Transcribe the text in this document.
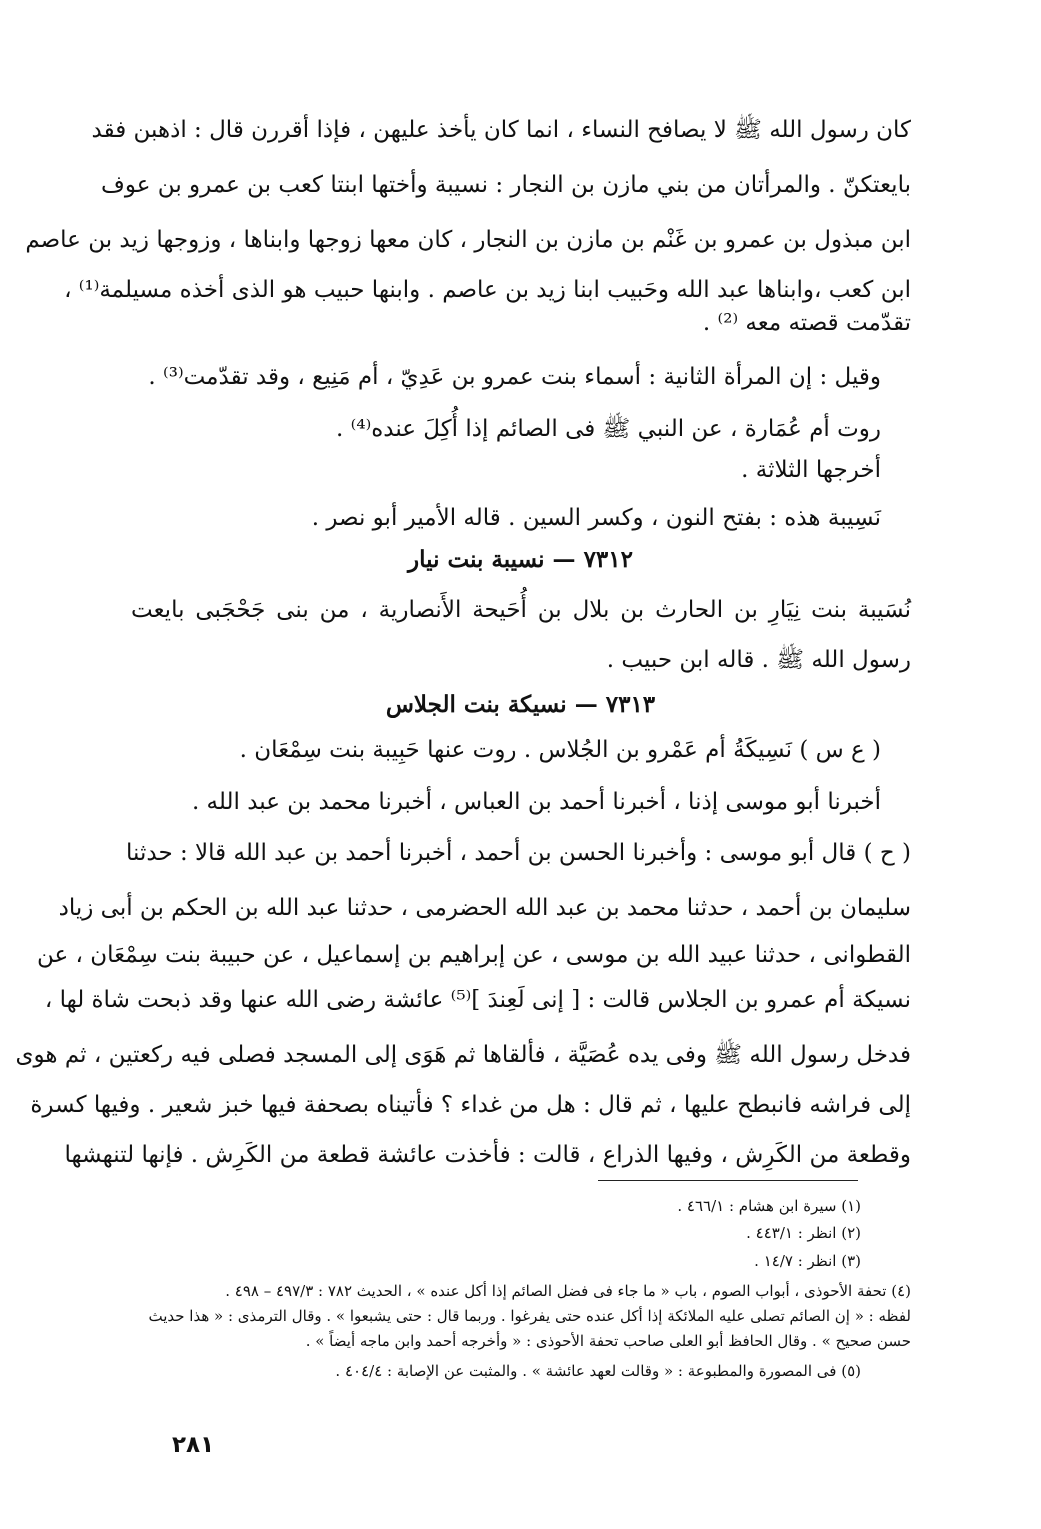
كان رسول الله ﷺ لا يصافح النساء ، انما كان يأخذ عليهن ، فإذا أقررن قال : اذهبن فقد
بايعتكنّ . والمرأتان من بني مازن بن النجار : نسيبة وأختها ابنتا كعب بن عمرو بن عوف
ابن مبذول بن عمرو بن غَنْم بن مازن بن النجار ، كان معها زوجها وابناها ، وزوجها زيد بن عاصم
ابن كعب ،وابناها عبد الله وحَبيب ابنا زيد بن عاصم . وابنها حبيب هو الذى أخذه مسيلمة⁽¹⁾ ،
تقدّمت قصته معه ⁽²⁾ .
وقيل : إن المرأة الثانية : أسماء بنت عمرو بن عَدِيّ ، أم مَنِيع ، وقد تقدّمت⁽³⁾ .
روت أم عُمَارة ، عن النبي ﷺ فى الصائم إذا أُكِلَ عنده⁽⁴⁾ .
أخرجها الثلاثة .
نَسِيبة هذه : بفتح النون ، وكسر السين . قاله الأمير أبو نصر .
٧٣١٢ — نسيبة بنت نيار
نُسَيبة بنت نِيَارِ بن الحارث بن بلال بن أُحَيحة الأَنصارية ، من بنى جَحْجَبى بايعت
رسول الله ﷺ . قاله ابن حبيب .
٧٣١٣ — نسيكة بنت الجلاس
( ع س ) نَسِيكَةُ أم عَمْرو بن الجُلاس . روت عنها حَبِيبة بنت سِمْعَان .
أخبرنا أبو موسى إذنا ، أخبرنا أحمد بن العباس ، أخبرنا محمد بن عبد الله .
( ح ) قال أبو موسى : وأخبرنا الحسن بن أحمد ، أخبرنا أحمد بن عبد الله قالا : حدثنا
سليمان بن أحمد ، حدثنا محمد بن عبد الله الحضرمى ، حدثنا عبد الله بن الحكم بن أبى زياد
القطوانى ، حدثنا عبيد الله بن موسى ، عن إبراهيم بن إسماعيل ، عن حبيبة بنت سِمْعَان ، عن
نسيكة أم عمرو بن الجلاس قالت : [ إنى لَعِندَ ]⁽⁵⁾ عائشة رضى الله عنها وقد ذبحت شاة لها ،
فدخل رسول الله ﷺ وفى يده عُصَيَّة ، فألقاها ثم هَوَى إلى المسجد فصلى فيه ركعتين ، ثم هوى
إلى فراشه فانبطح عليها ، ثم قال : هل من غداء ؟ فأتيناه بصحفة فيها خبز شعير . وفيها كسرة
وقطعة من الكَرِش ، وفيها الذراع ، قالت : فأخذت عائشة قطعة من الكَرِش . فإنها لتنهشها
(١) سيرة ابن هشام : ٤٦٦/١ .
(٢) انظر : ٤٤٣/١ .
(٣) انظر : ١٤/٧ .
(٤) تحفة الأحوذى ، أبواب الصوم ، باب « ما جاء فى فضل الصائم إذا أكل عنده » ، الحديث ٧٨٢ : ٤٩٧/٣ – ٤٩٨ .
لفظه : « إن الصائم تصلى عليه الملائكة إذا أكل عنده حتى يفرغوا . وربما قال : حتى يشبعوا » . وقال الترمذى : « هذا حديث
حسن صحيح » . وقال الحافظ أبو العلى صاحب تحفة الأحوذى : « وأخرجه أحمد وابن ماجه أيضاً » .
(٥) فى المصورة والمطبوعة : « وقالت لعهد عائشة » . والمثبت عن الإصابة : ٤٠٤/٤ .
٢٨١
